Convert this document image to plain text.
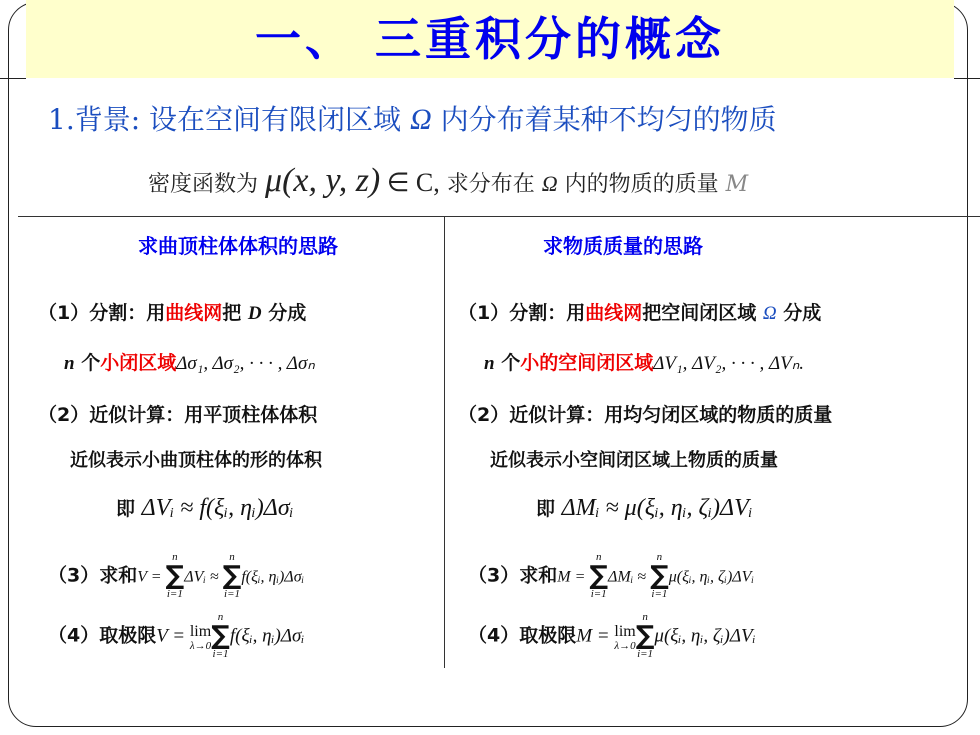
一、 三重积分的概念
1.背景: 设在空间有限闭区域 Ω 内分布着某种不均匀的物质
密度函数为 μ(x, y, z) ∈ C, 求分布在 Ω 内的物质的质量 M
求曲顶柱体体积的思路
（1）分割：用曲线网把 D 分成
n 个小闭区域Δσ₁, Δσ₂, · · · , Δσₙ
（2）近似计算：用平顶柱体体积
近似表示小曲顶柱体的形的体积
即 ΔVᵢ ≈ f(ξᵢ, ηᵢ)Δσᵢ
（3）求和V =
n
∑
i=1
ΔVᵢ ≈
n
∑
i=1
f(ξᵢ, ηᵢ)Δσᵢ
（4）取极限V = lim
λ→0
n
∑
i=1
f(ξᵢ, ηᵢ)Δσᵢ
求物质质量的思路
（1）分割：用曲线网把空间闭区域 Ω 分成
n 个小的空间闭区域ΔV₁, ΔV₂, · · · , ΔVₙ.
（2）近似计算：用均匀闭区域的物质的质量
近似表示小空间闭区域上物质的质量
即 ΔMᵢ ≈ μ(ξᵢ, ηᵢ, ζᵢ)ΔVᵢ
（3）求和M =
n
∑
i=1
ΔMᵢ ≈
n
∑
i=1
μ(ξᵢ, ηᵢ, ζᵢ)ΔVᵢ
（4）取极限M = lim
λ→0
n
∑
i=1
μ(ξᵢ, ηᵢ, ζᵢ)ΔVᵢ
